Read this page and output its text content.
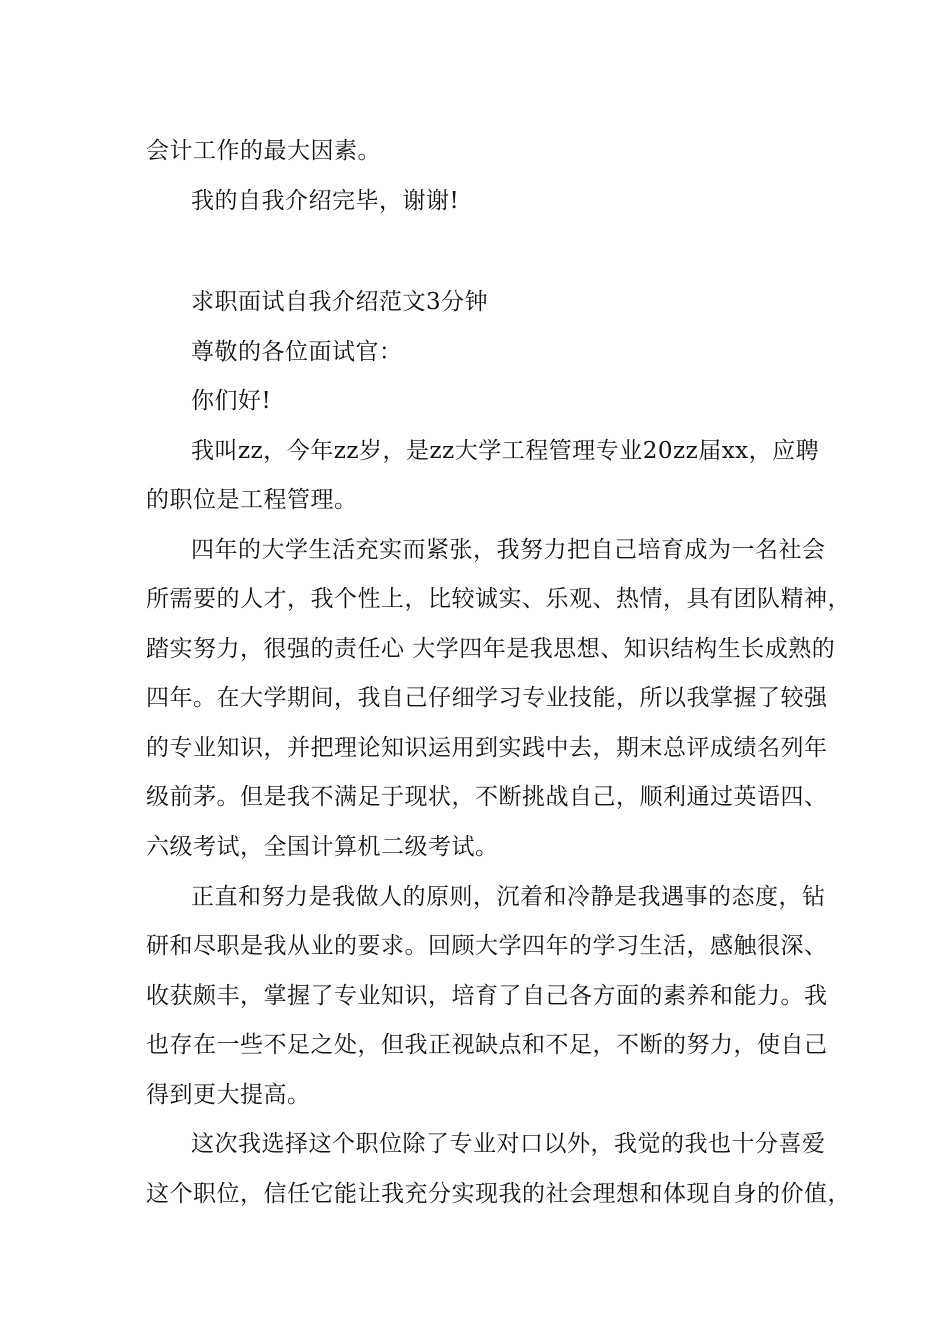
会计工作的最大因素。
我的自我介绍完毕，谢谢!
求职面试自我介绍范文3分钟
尊敬的各位面试官：
你们好!
我叫zz，今年zz岁，是zz大学工程管理专业20zz届xx，应聘
的职位是工程管理。
四年的大学生活充实而紧张，我努力把自己培育成为一名社会
所需要的人才，我个性上，比较诚实、乐观、热情，具有团队精神，
踏实努力，很强的责任心 大学四年是我思想、知识结构生长成熟的
四年。在大学期间，我自己仔细学习专业技能，所以我掌握了较强
的专业知识，并把理论知识运用到实践中去，期末总评成绩名列年
级前茅。但是我不满足于现状，不断挑战自己，顺利通过英语四、
六级考试，全国计算机二级考试。
正直和努力是我做人的原则，沉着和冷静是我遇事的态度，钻
研和尽职是我从业的要求。回顾大学四年的学习生活，感触很深、
收获颇丰，掌握了专业知识，培育了自己各方面的素养和能力。我
也存在一些不足之处，但我正视缺点和不足，不断的努力，使自己
得到更大提高。
这次我选择这个职位除了专业对口以外，我觉的我也十分喜爱
这个职位，信任它能让我充分实现我的社会理想和体现自身的价值，
